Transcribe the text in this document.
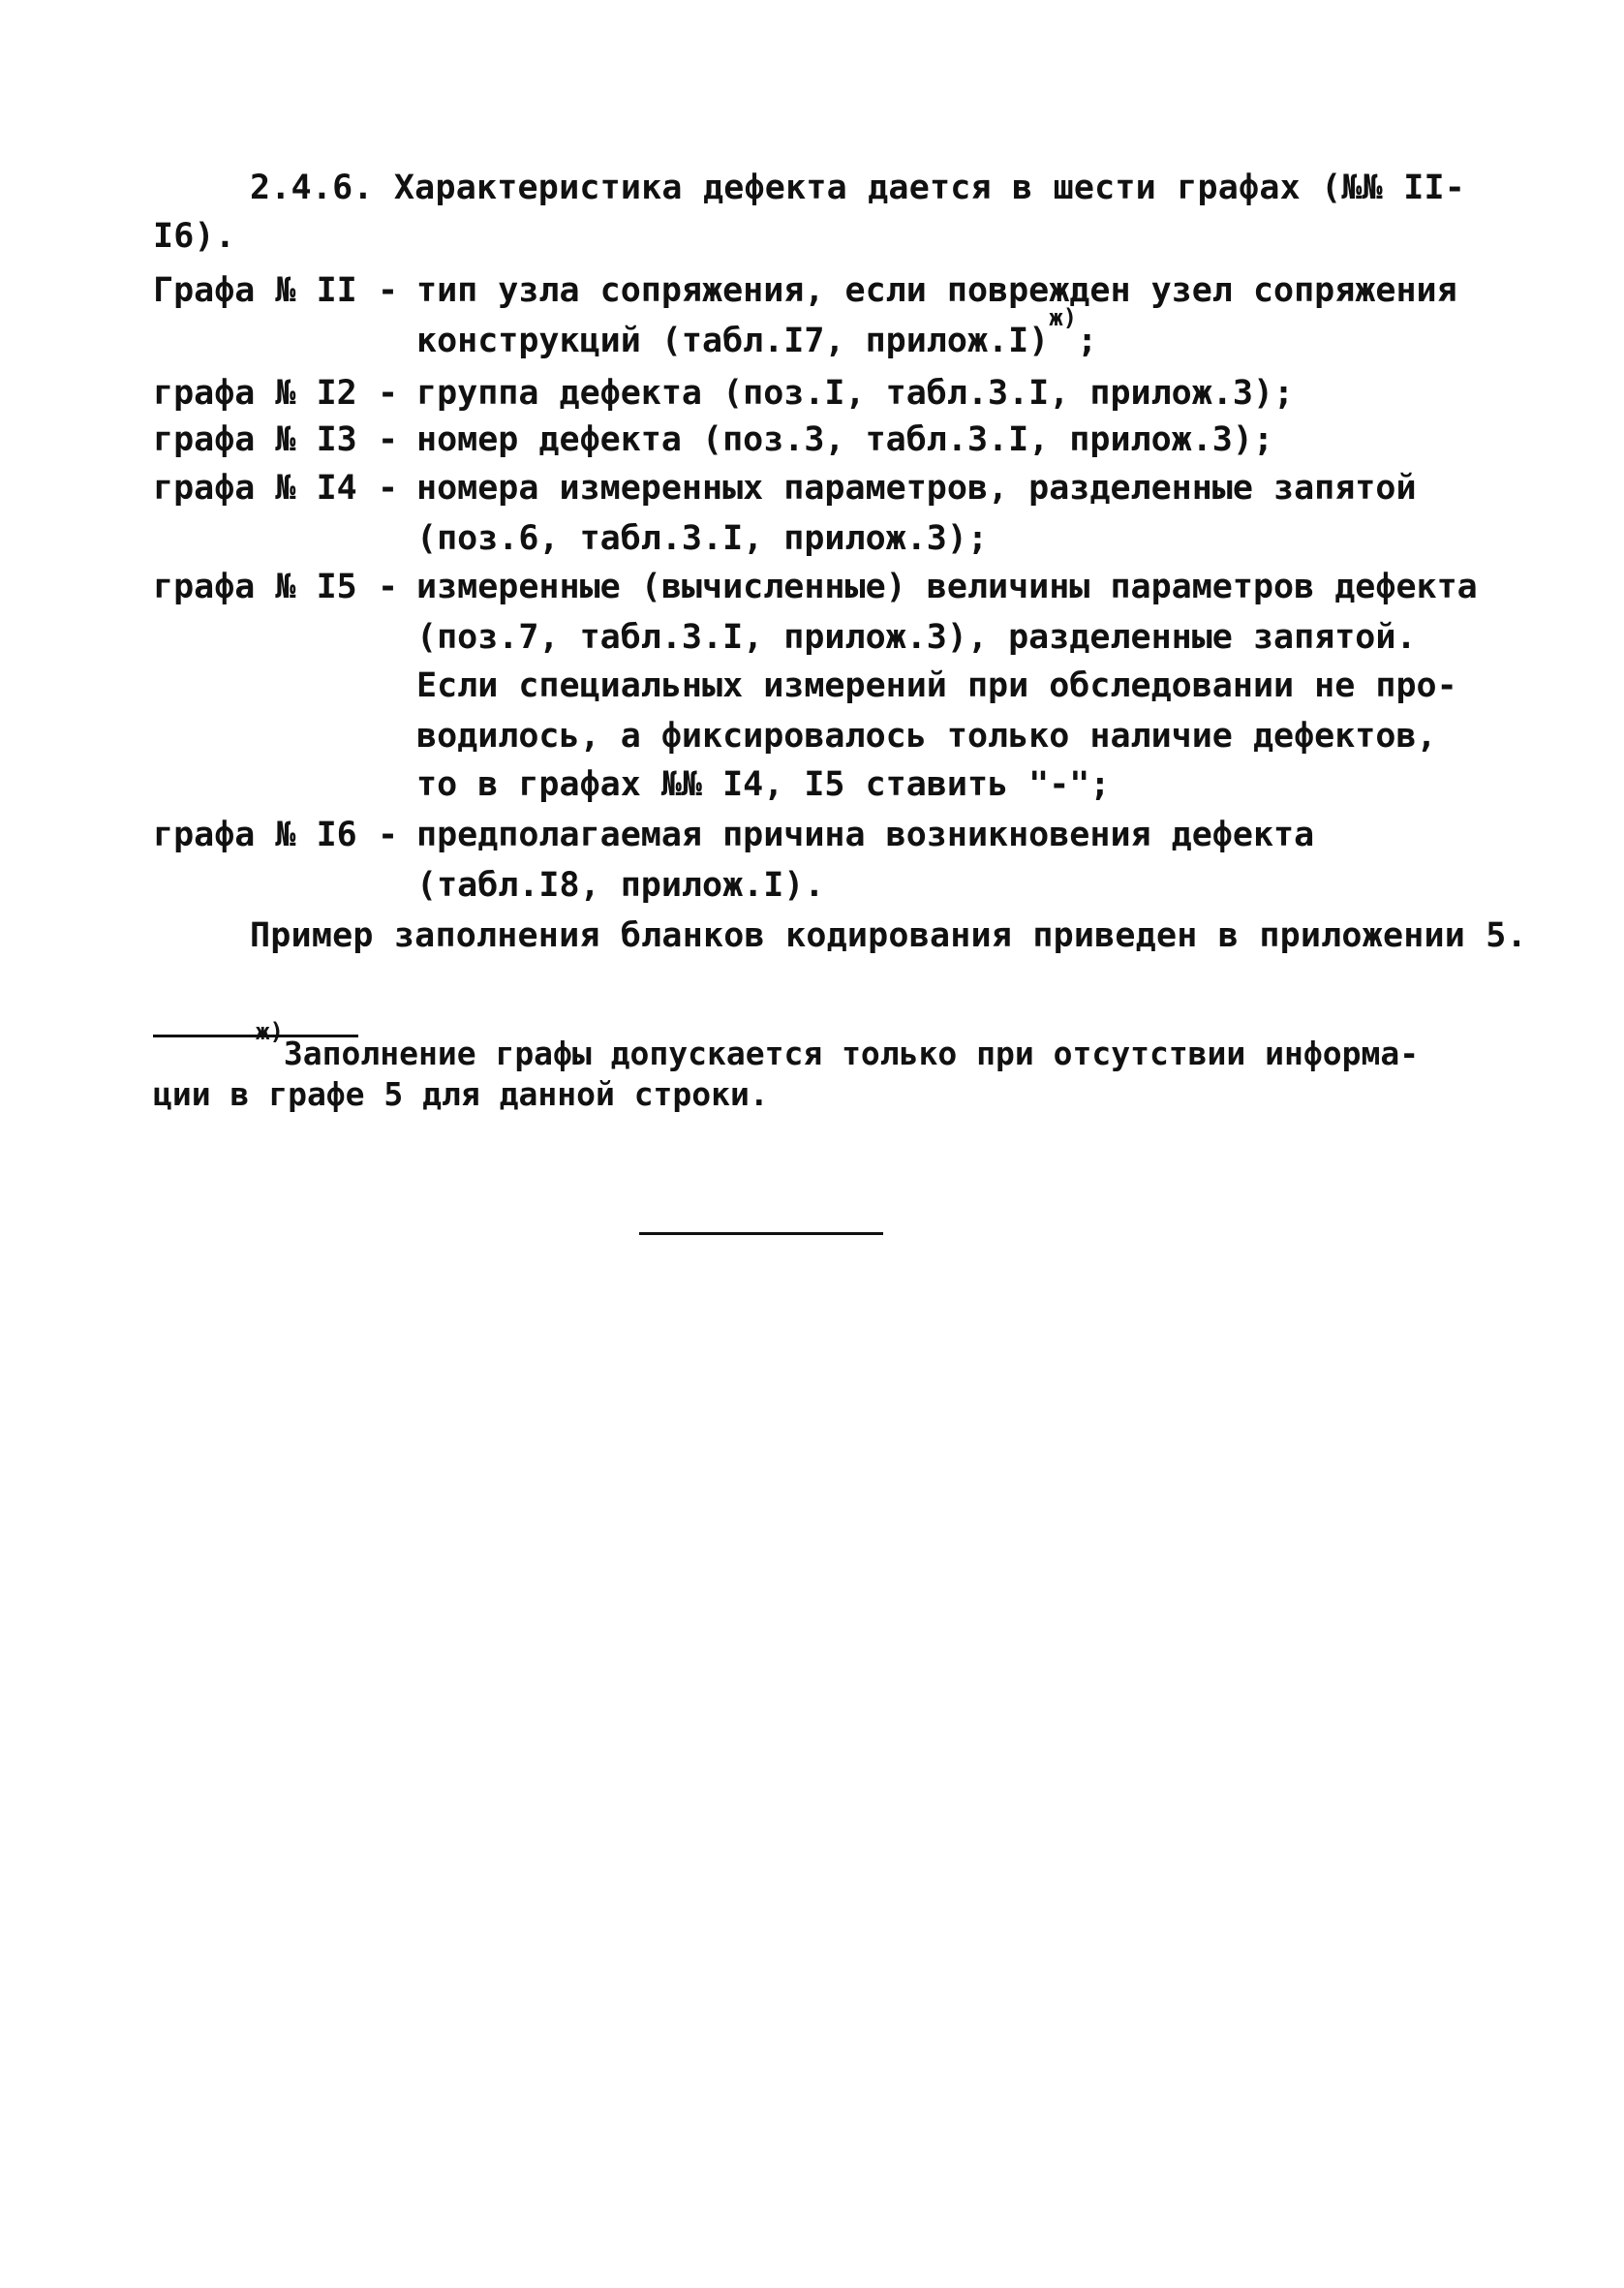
2.4.6. Характеристика дефекта дается в шести графах (№№ II-
I6).
Графа № II - тип узла сопряжения, если поврежден узел сопряжения
конструкций (табл.I7, прилож.I)$^{ж)}$;
графа № I2 - группа дефекта (поз.I, табл.3.I, прилож.3);
графа № I3 - номер дефекта (поз.3, табл.3.I, прилож.3);
графа № I4 - номера измеренных параметров, разделенные запятой
(поз.6, табл.3.I, прилож.3);
графа № I5 - измеренные (вычисленные) величины параметров дефекта
(поз.7, табл.3.I, прилож.3), разделенные запятой.
Если специальных измерений при обследовании не про-
водилось, а фиксировалось только наличие дефектов,
то в графах №№ I4, I5 ставить "-";
графа № I6 - предполагаемая причина возникновения дефекта
(табл.I8, прилож.I).
Пример заполнения бланков кодирования приведен в приложении 5.
$^{ж)}$Заполнение графы допускается только при отсутствии информа-
ции в графе 5 для данной строки.
